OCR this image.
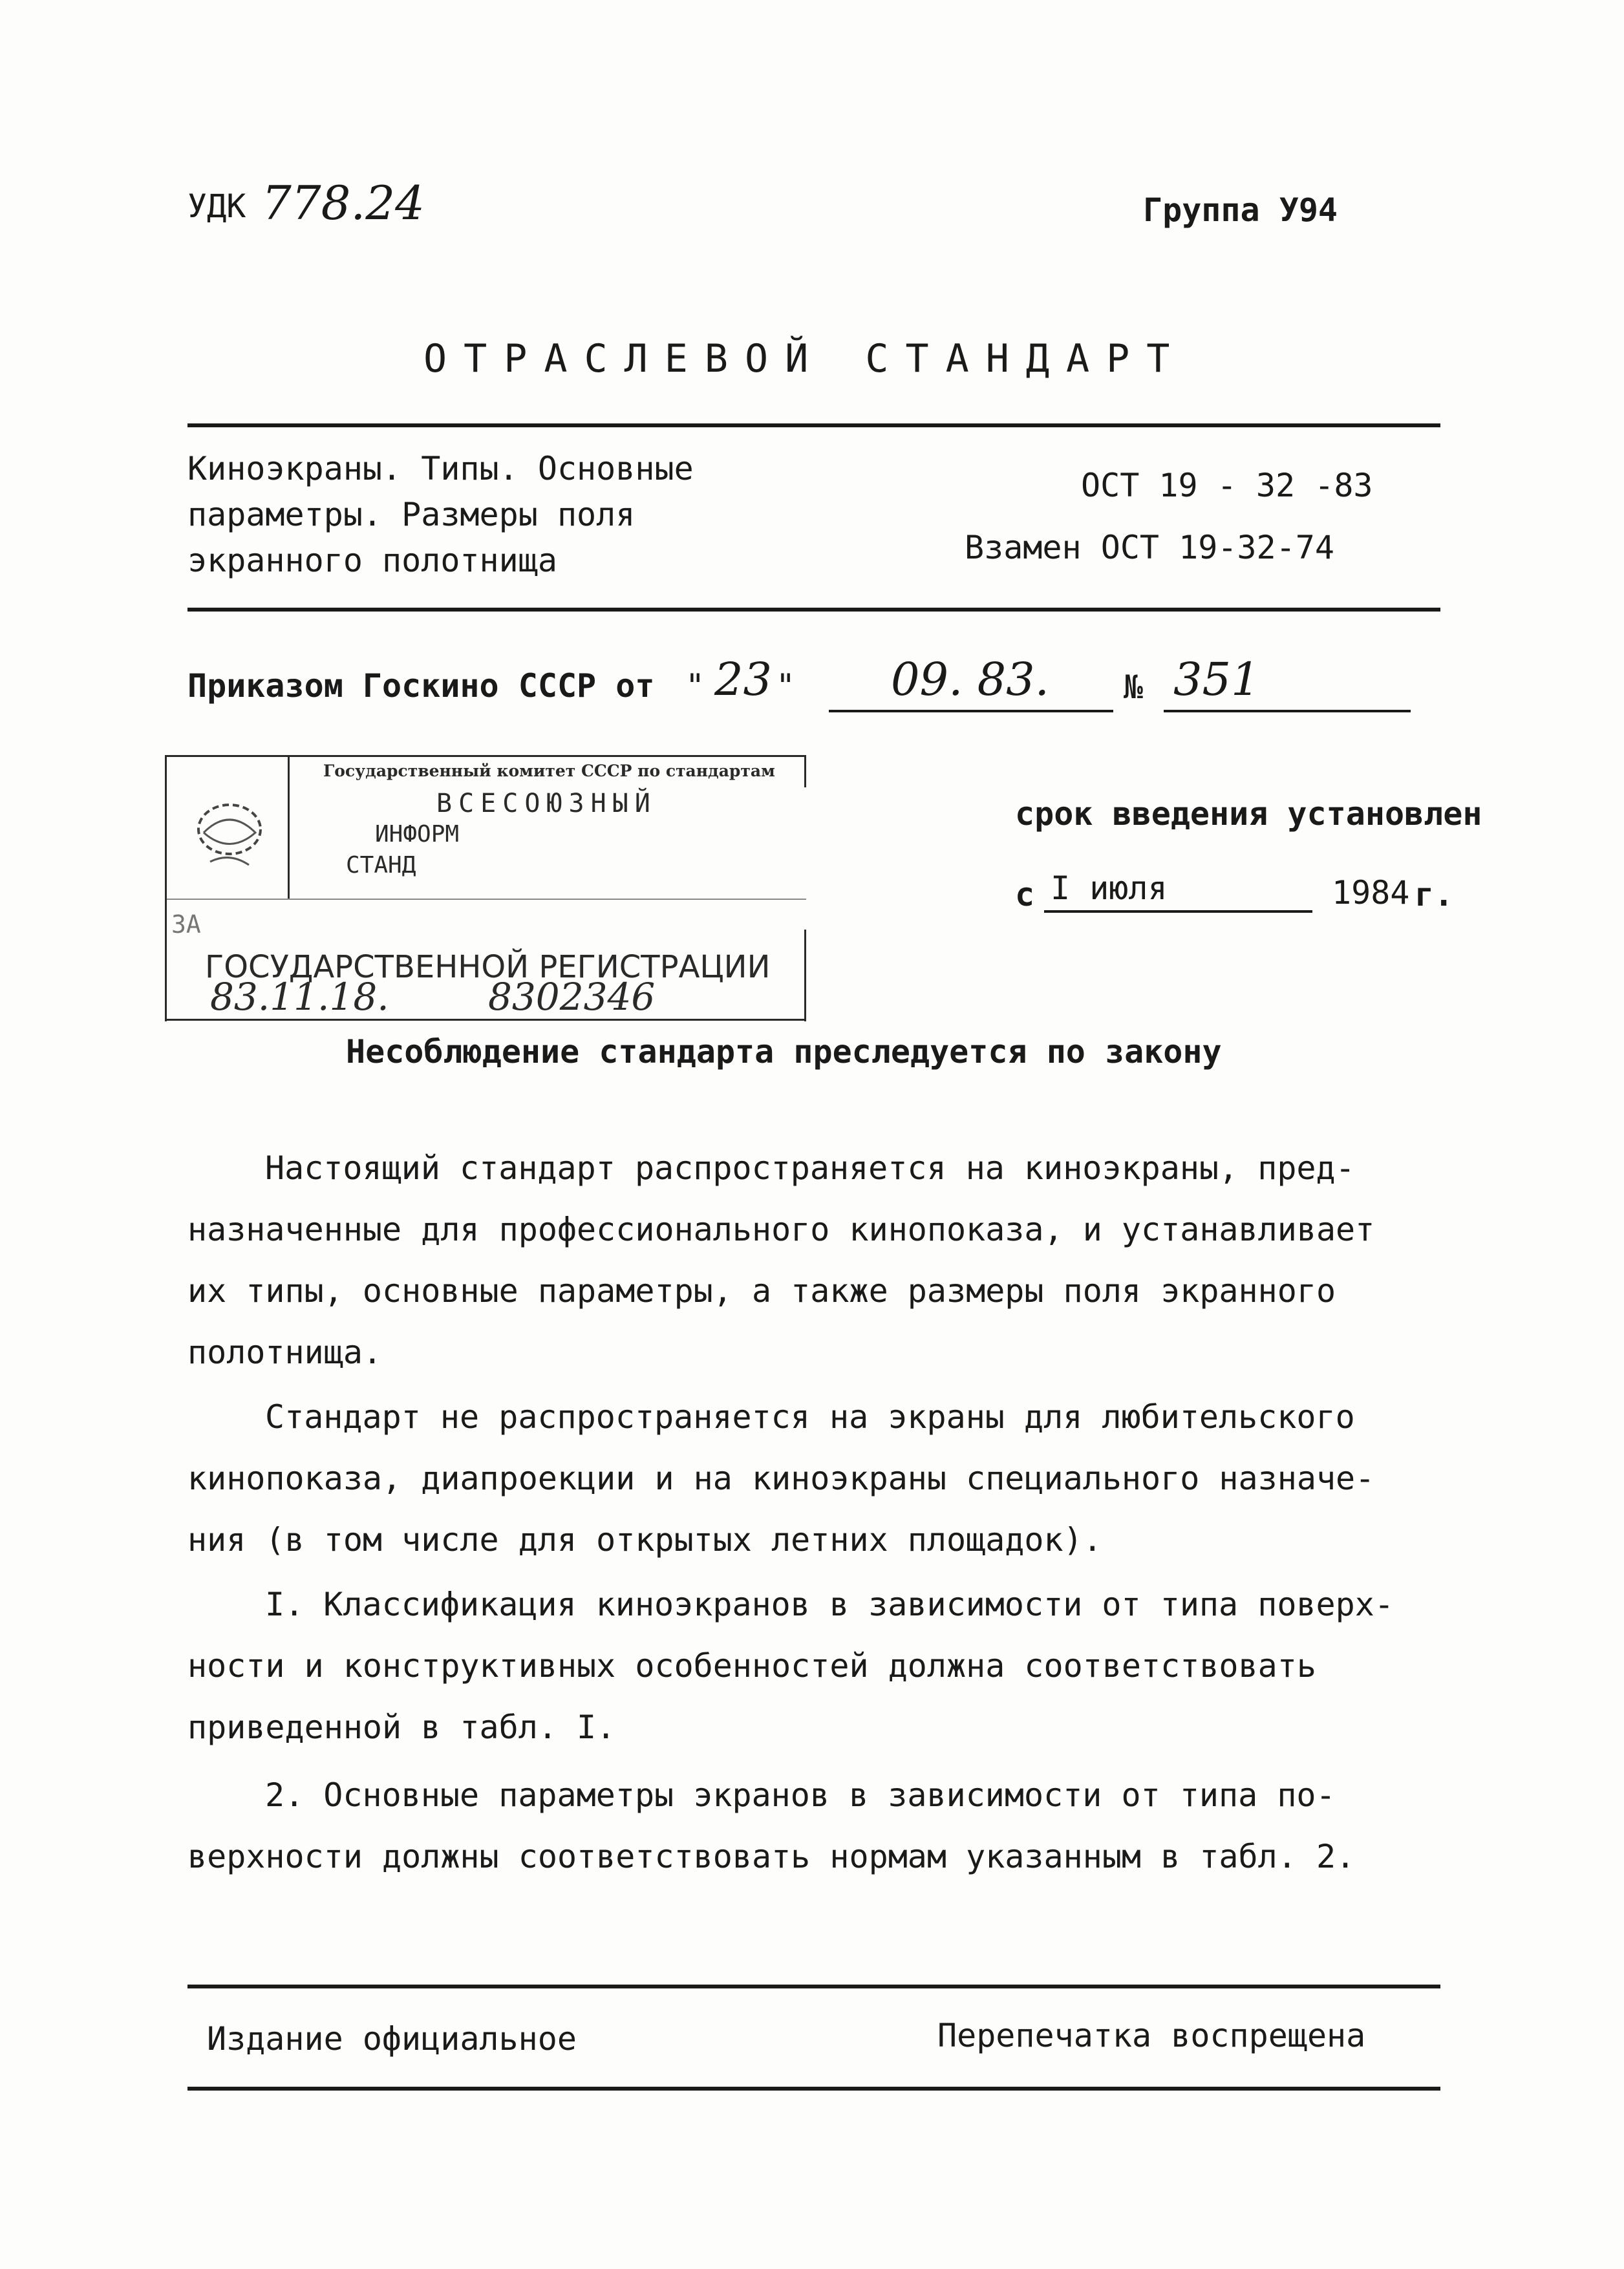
УДК 778.24	Группа У94
ОТРАСЛЕВОЙ СТАНДАРТ
Киноэкраны. Типы. Основные
параметры. Размеры поля
экранного полотнища
ОСТ 19 - 32 -83
Взамен ОСТ 19-32-74
Приказом Госкино СССР от " 23 " 09. 83. № 351
Государственный комитет СССР по стандартам
ВСЕСОЮЗНЫЙ
ИНФОРМ
СТАНД
ЗА
ГОСУДАРСТВЕННОЙ РЕГИСТРАЦИИ
83.11.18.	8302346
срок введения установлен
с I июля	1984 г.
Несоблюдение стандарта преследуется по закону

Настоящий стандарт распространяется на киноэкраны, пред-

назначенные для профессионального кинопоказа, и устанавливает

их типы, основные параметры, а также размеры поля экранного

полотнища.

Стандарт не распространяется на экраны для любительского

кинопоказа, диапроекции и на киноэкраны специального назначе-

ния (в том числе для открытых летних площадок).

I. Классификация киноэкранов в зависимости от типа поверх-

ности и конструктивных особенностей должна соответствовать

приведенной в табл. I.

2. Основные параметры экранов в зависимости от типа по-

верхности должны соответствовать нормам указанным в табл. 2.

Издание официальное	Перепечатка воспрещена
